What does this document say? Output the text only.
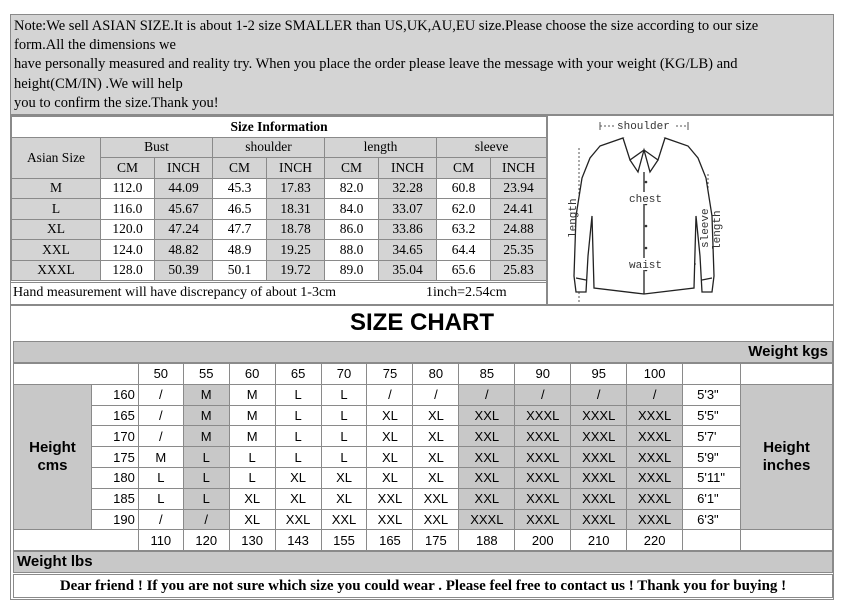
Note:We sell ASIAN SIZE.It is about 1-2 size SMALLER than US,UK,AU,EU size.Please choose the size according to our size
form.All the dimensions we
have personally measured and reality try. When you place the order please leave the message with your weight (KG/LB) and
height(CM/IN) .We will help
you to confirm the size.Thank you!
Size Information								
Asian Size	Bust		shoulder		length		sleeve	
	CM	INCH	CM	INCH	CM	INCH	CM	INCH
M	112.0	44.09	45.3	17.83	82.0	32.28	60.8	23.94
L	116.0	45.67	46.5	18.31	84.0	33.07	62.0	24.41
XL	120.0	47.24	47.7	18.78	86.0	33.86	63.2	24.88
XXL	124.0	48.82	48.9	19.25	88.0	34.65	64.4	25.35
XXXL	128.0	50.39	50.1	19.72	89.0	35.04	65.6	25.83
Hand measurement will have discrepancy of about 1-3cm	1inch=2.54cm
shoulder
chest
waist
length	sleeve length
SIZE CHART
Weight kgs
		50	55	60	65	70	75	80	85	90	95	100		
Height
cms	160	/	M	M	L	L	/	/	/	/	/	/	5'3"	Height
inches
	165	/	M	M	L	L	XL	XL	XXL	XXXL	XXXL	XXXL	5'5"	
	170	/	M	M	L	L	XL	XL	XXL	XXXL	XXXL	XXXL	5'7'	
	175	M	L	L	L	L	XL	XL	XXL	XXXL	XXXL	XXXL	5'9"	
	180	L	L	L	XL	XL	XL	XL	XXL	XXXL	XXXL	XXXL	5'11"	
	185	L	L	XL	XL	XL	XXL	XXL	XXL	XXXL	XXXL	XXXL	6'1"	
	190	/	/	XL	XXL	XXL	XXL	XXL	XXXL	XXXL	XXXL	XXXL	6'3"	
		110	120	130	143	155	165	175	188	200	210	220		
Weight lbs
Dear friend ! If you are not sure which size you could wear . Please feel free to contact us ! Thank you for buying !
